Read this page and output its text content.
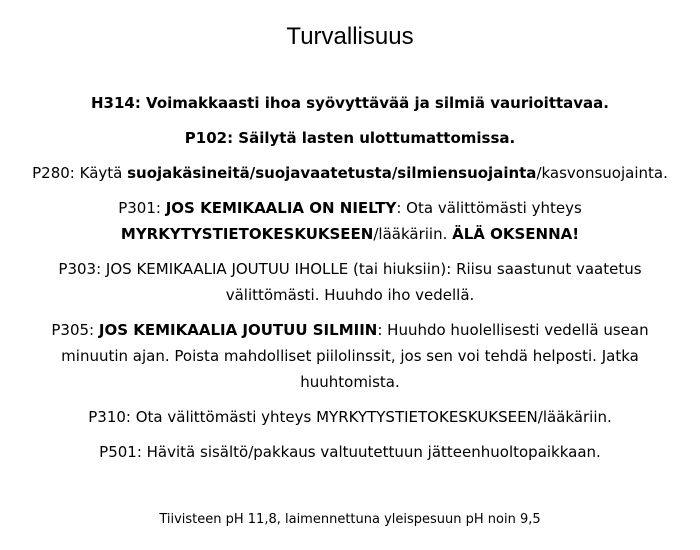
Turvallisuus

H314: Voimakkaasti ihoa syövyttävää ja silmiä vaurioittavaa.

P102: Säilytä lasten ulottumattomissa.

P280: Käytä suojakäsineitä/suojavaatetusta/silmiensuojainta/kasvonsuojainta.

P301: JOS KEMIKAALIA ON NIELTY: Ota välittömästi yhteys
MYRKYTYSTIETOKESKUKSEEN/lääkäriin. ÄLÄ OKSENNA!

P303: JOS KEMIKAALIA JOUTUU IHOLLE (tai hiuksiin): Riisu saastunut vaatetus välittömästi. Huuhdo iho vedellä.

P305: JOS KEMIKAALIA JOUTUU SILMIIN: Huuhdo huolellisesti vedellä usean minuutin ajan. Poista mahdolliset piilolinssit, jos sen voi tehdä helposti. Jatka huuhtomista.

P310: Ota välittömästi yhteys MYRKYTYSTIETOKESKUKSEEN/lääkäriin.

P501: Hävitä sisältö/pakkaus valtuutettuun jätteenhuoltopaikkaan.

Tiivisteen pH 11,8, laimennettuna yleispesuun pH noin 9,5
